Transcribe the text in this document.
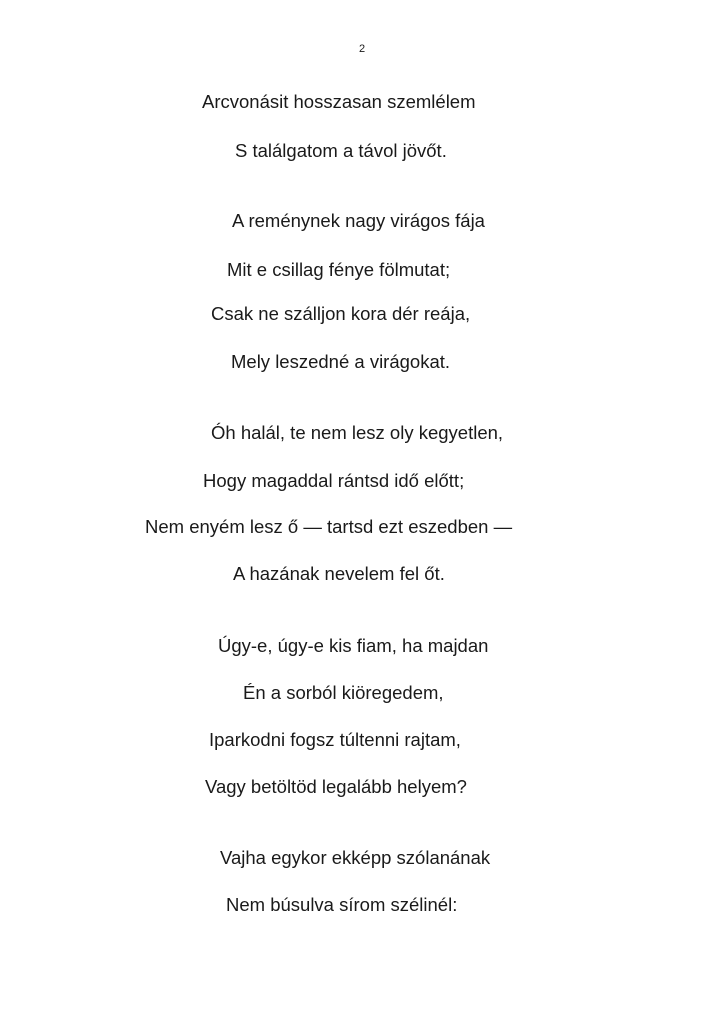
2
Arcvonásit hosszasan szemlélem
S találgatom a távol jövőt.
A reménynek nagy virágos fája
Mit e csillag fénye fölmutat;
Csak ne szálljon kora dér reája,
Mely leszedné a virágokat.
Óh halál, te nem lesz oly kegyetlen,
Hogy magaddal rántsd idő előtt;
Nem enyém lesz ő — tartsd ezt eszedben —
A hazának nevelem fel őt.
Úgy-e, úgy-e kis fiam, ha majdan
Én a sorból kiöregedem,
Iparkodni fogsz túltenni rajtam,
Vagy betöltöd legalább helyem?
Vajha egykor ekképp szólanának
Nem búsulva sírom szélinél:
